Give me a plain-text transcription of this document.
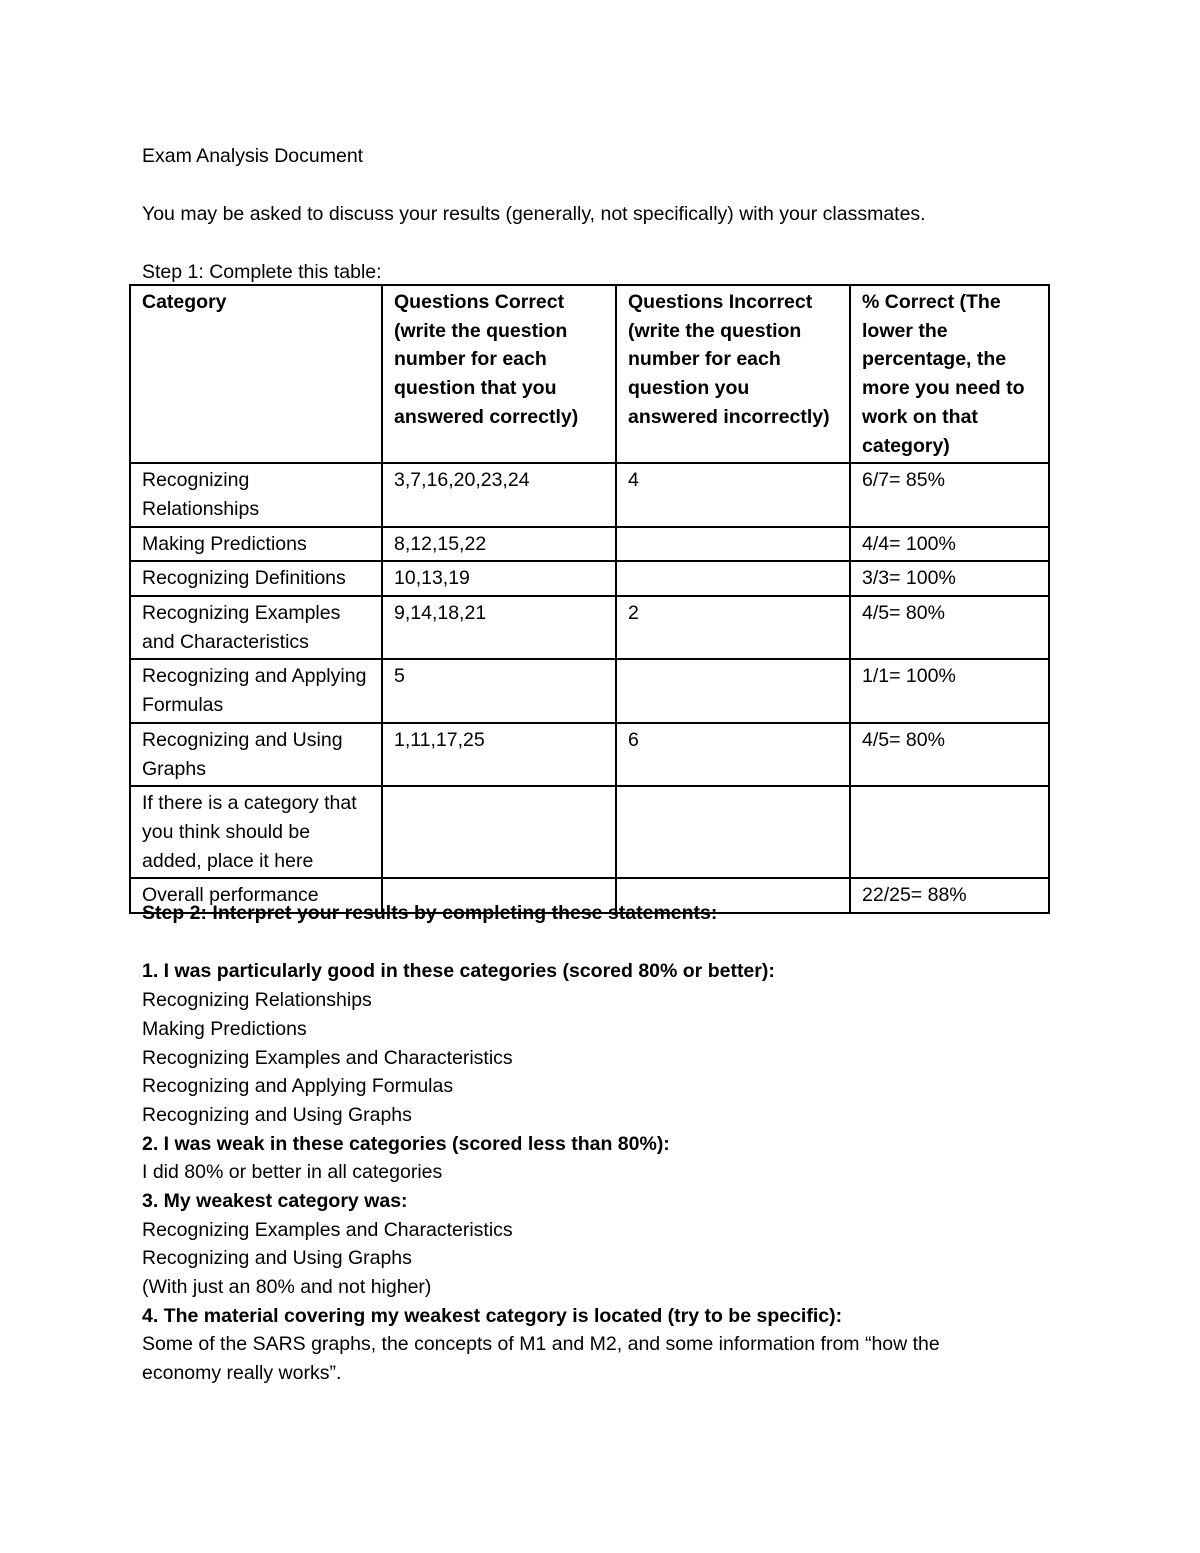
Exam Analysis Document
You may be asked to discuss your results (generally, not specifically) with your classmates.
Step 1: Complete this table:
Category	Questions Correct (write the question number for each question that you answered correctly)	Questions Incorrect (write the question number for each question you answered incorrectly)	% Correct (The lower the percentage, the more you need to work on that category)
Recognizing Relationships	3,7,16,20,23,24	4	6/7= 85%
Making Predictions	8,12,15,22		4/4= 100%
Recognizing Definitions	10,13,19		3/3= 100%
Recognizing Examples and Characteristics	9,14,18,21	2	4/5= 80%
Recognizing and Applying Formulas	5		1/1= 100%
Recognizing and Using Graphs	1,11,17,25	6	4/5= 80%
If there is a category that you think should be added, place it here			
Overall performance			22/25= 88%
Step 2: Interpret your results by completing these statements:
1. I was particularly good in these categories (scored 80% or better):
Recognizing Relationships
Making Predictions
Recognizing Examples and Characteristics
Recognizing and Applying Formulas
Recognizing and Using Graphs
2. I was weak in these categories (scored less than 80%):
I did 80% or better in all categories
3. My weakest category was:
Recognizing Examples and Characteristics
Recognizing and Using Graphs
(With just an 80% and not higher)
4. The material covering my weakest category is located (try to be specific):
Some of the SARS graphs, the concepts of M1 and M2, and some information from “how the
economy really works”.
